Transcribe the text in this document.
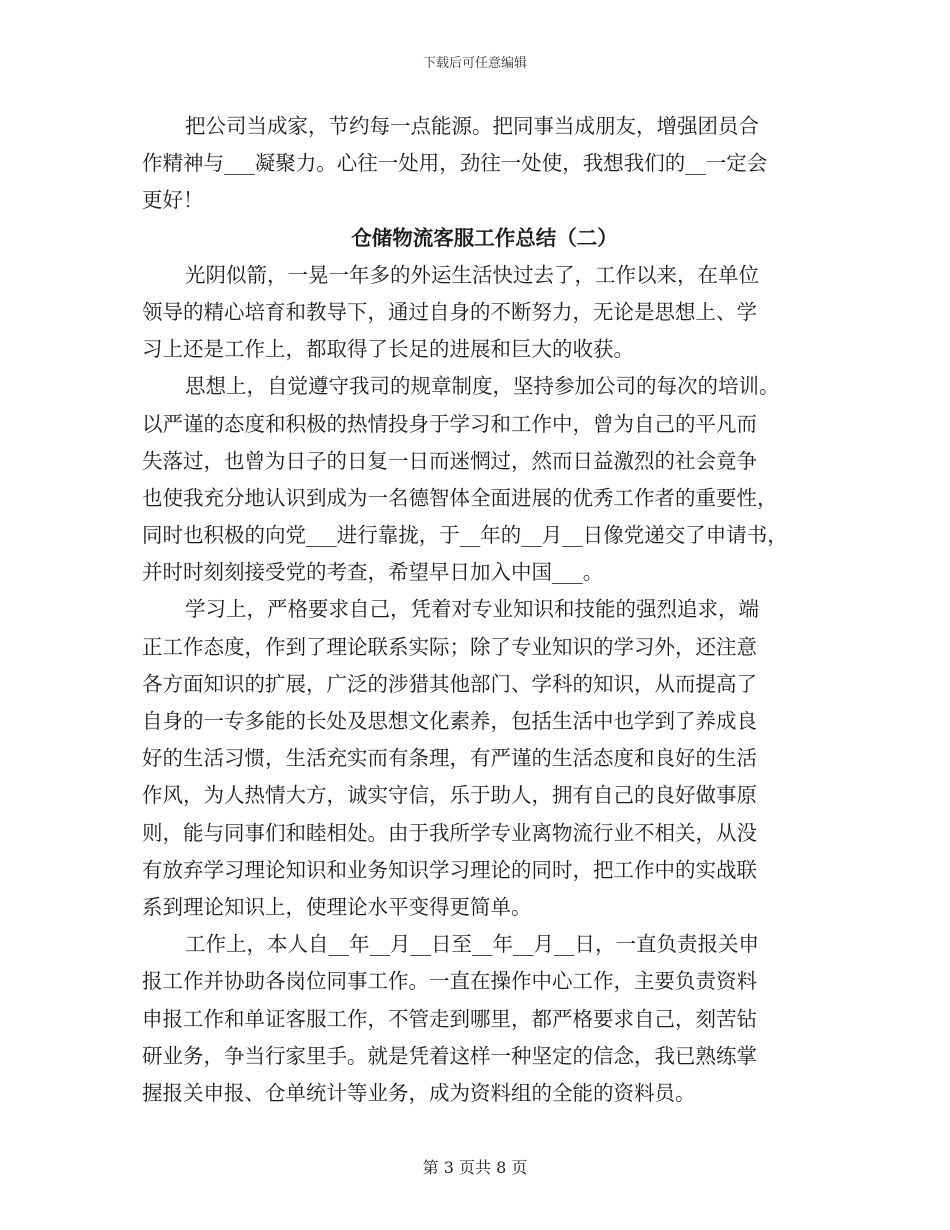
下载后可任意编辑
把公司当成家，节约每一点能源。把同事当成朋友，增强团员合
作精神与___凝聚力。心往一处用，劲往一处使，我想我们的__一定会
更好！
仓储物流客服工作总结（二）
光阴似箭，一晃一年多的外运生活快过去了，工作以来，在单位
领导的精心培育和教导下，通过自身的不断努力，无论是思想上、学
习上还是工作上，都取得了长足的进展和巨大的收获。
思想上，自觉遵守我司的规章制度，坚持参加公司的每次的培训。
以严谨的态度和积极的热情投身于学习和工作中，曾为自己的平凡而
失落过，也曾为日子的日复一日而迷惘过，然而日益激烈的社会竟争
也使我充分地认识到成为一名德智体全面进展的优秀工作者的重要性，
同时也积极的向党___进行靠拢，于__年的__月__日像党递交了申请书，
并时时刻刻接受党的考查，希望早日加入中国___。
学习上，严格要求自己，凭着对专业知识和技能的强烈追求，端
正工作态度，作到了理论联系实际；除了专业知识的学习外，还注意
各方面知识的扩展，广泛的涉猎其他部门、学科的知识，从而提高了
自身的一专多能的长处及思想文化素养，包括生活中也学到了养成良
好的生活习惯，生活充实而有条理，有严谨的生活态度和良好的生活
作风，为人热情大方，诚实守信，乐于助人，拥有自己的良好做事原
则，能与同事们和睦相处。由于我所学专业离物流行业不相关，从没
有放弃学习理论知识和业务知识学习理论的同时，把工作中的实战联
系到理论知识上，使理论水平变得更简单。
工作上，本人自__年__月__日至__年__月__日，一直负责报关申
报工作并协助各岗位同事工作。一直在操作中心工作，主要负责资料
申报工作和单证客服工作，不管走到哪里，都严格要求自己，刻苦钻
研业务，争当行家里手。就是凭着这样一种坚定的信念，我已熟练掌
握报关申报、仓单统计等业务，成为资料组的全能的资料员。
第 3 页共 8 页
